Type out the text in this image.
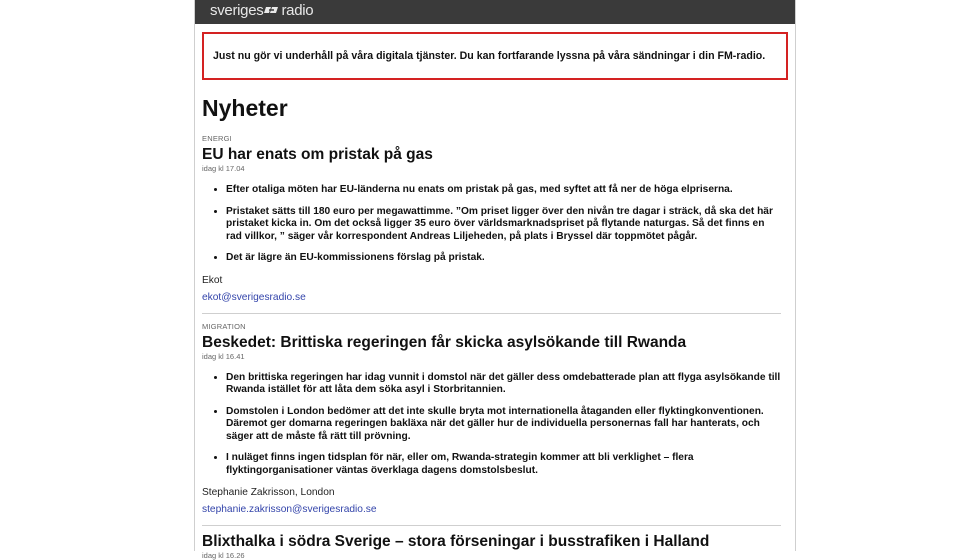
sveriges radio
Just nu gör vi underhåll på våra digitala tjänster. Du kan fortfarande lyssna på våra sändningar i din FM-radio.
Nyheter
ENERGI
EU har enats om pristak på gas
idag kl 17.04
• Efter otaliga möten har EU-länderna nu enats om pristak på gas, med syftet att få ner de höga elpriserna.
• Pristaket sätts till 180 euro per megawattimme. ”Om priset ligger över den nivån tre dagar i sträck, då ska det här pristaket kicka in. Om det också ligger 35 euro över världsmarknadspriset på flytande naturgas. Så det finns en rad villkor, ” säger vår korrespondent Andreas Liljeheden, på plats i Bryssel där toppmötet pågår.
• Det är lägre än EU-kommissionens förslag på pristak.
Ekot
ekot@sverigesradio.se
MIGRATION
Beskedet: Brittiska regeringen får skicka asylsökande till Rwanda
idag kl 16.41
• Den brittiska regeringen har idag vunnit i domstol när det gäller dess omdebatterade plan att flyga asylsökande till Rwanda istället för att låta dem söka asyl i Storbritannien.
• Domstolen i London bedömer att det inte skulle bryta mot internationella åtaganden eller flyktingkonventionen. Däremot ger domarna regeringen bakläxa när det gäller hur de individuella personernas fall har hanterats, och säger att de måste få rätt till prövning.
• I nuläget finns ingen tidsplan för när, eller om, Rwanda-strategin kommer att bli verklighet – flera flyktingorganisationer väntas överklaga dagens domstolsbeslut.
Stephanie Zakrisson, London
stephanie.zakrisson@sverigesradio.se
Blixthalka i södra Sverige – stora förseningar i busstrafiken i Halland
idag kl 16.26
